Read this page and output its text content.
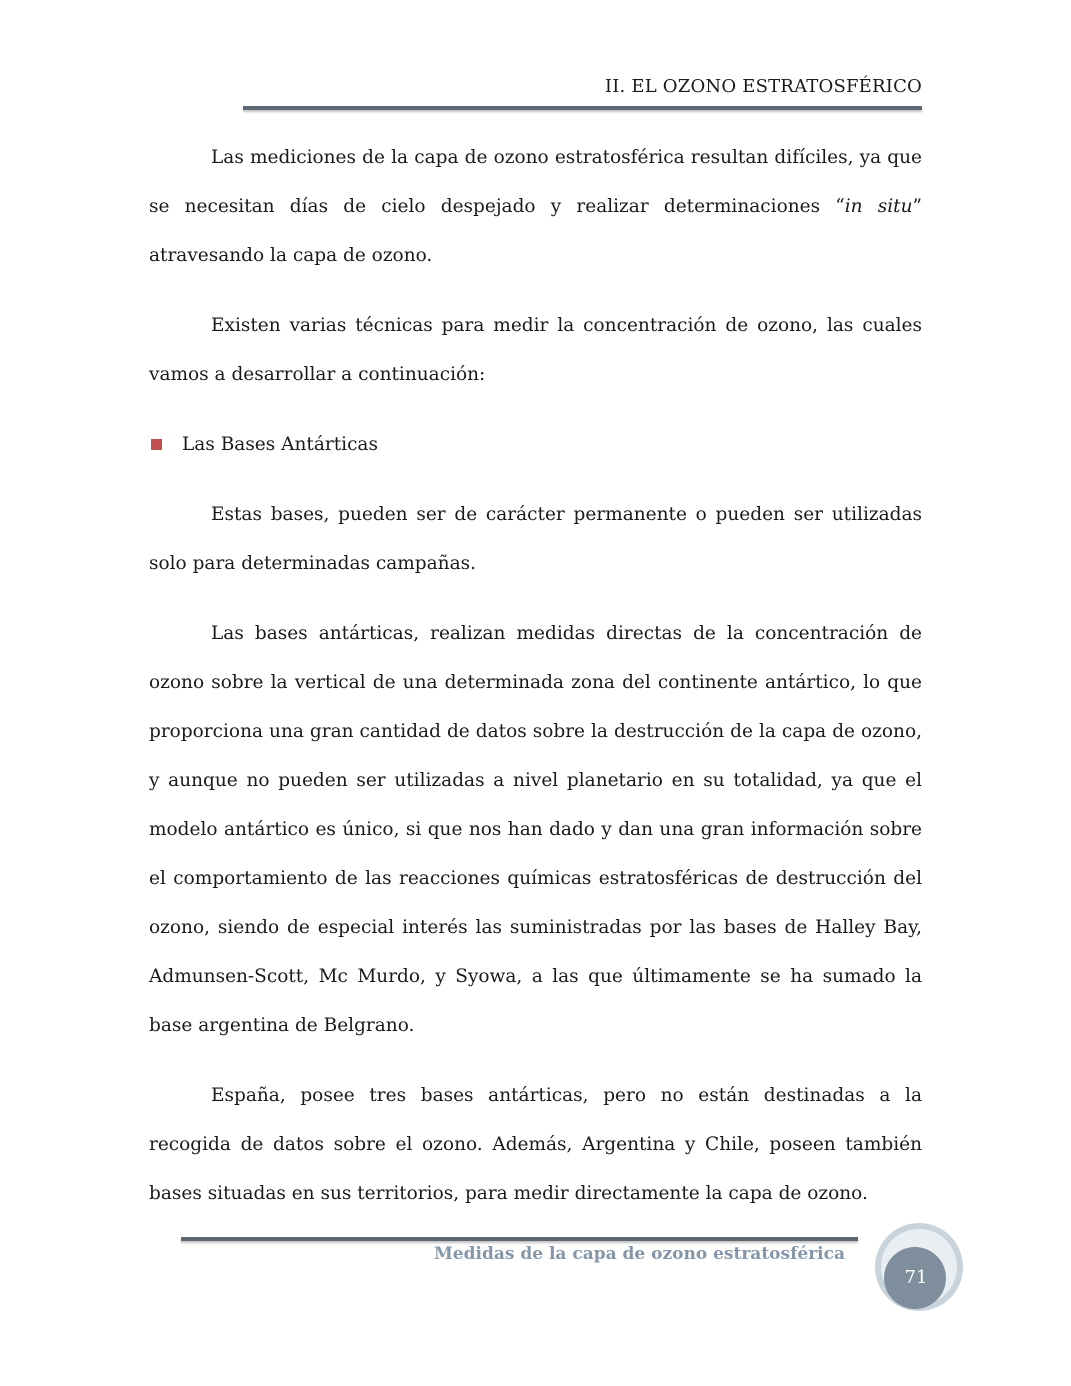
II. EL OZONO ESTRATOSFÉRICO

Las mediciones de la capa de ozono estratosférica resultan difíciles, ya que se necesitan días de cielo despejado y realizar determinaciones “in situ” atravesando la capa de ozono.

Existen varias técnicas para medir la concentración de ozono, las cuales vamos a desarrollar a continuación:

Las Bases Antárticas

Estas bases, pueden ser de carácter permanente o pueden ser utilizadas solo para determinadas campañas.

Las bases antárticas, realizan medidas directas de la concentración de ozono sobre la vertical de una determinada zona del continente antártico, lo que proporciona una gran cantidad de datos sobre la destrucción de la capa de ozono, y aunque no pueden ser utilizadas a nivel planetario en su totalidad, ya que el modelo antártico es único, si que nos han dado y dan una gran información sobre el comportamiento de las reacciones químicas estratosféricas de destrucción del ozono, siendo de especial interés las suministradas por las bases de Halley Bay, Admunsen-Scott, Mc Murdo, y Syowa, a las que últimamente se ha sumado la base argentina de Belgrano.

España, posee tres bases antárticas, pero no están destinadas a la recogida de datos sobre el ozono. Además, Argentina y Chile, poseen también bases situadas en sus territorios, para medir directamente la capa de ozono.

Medidas de la capa de ozono estratosférica
71
